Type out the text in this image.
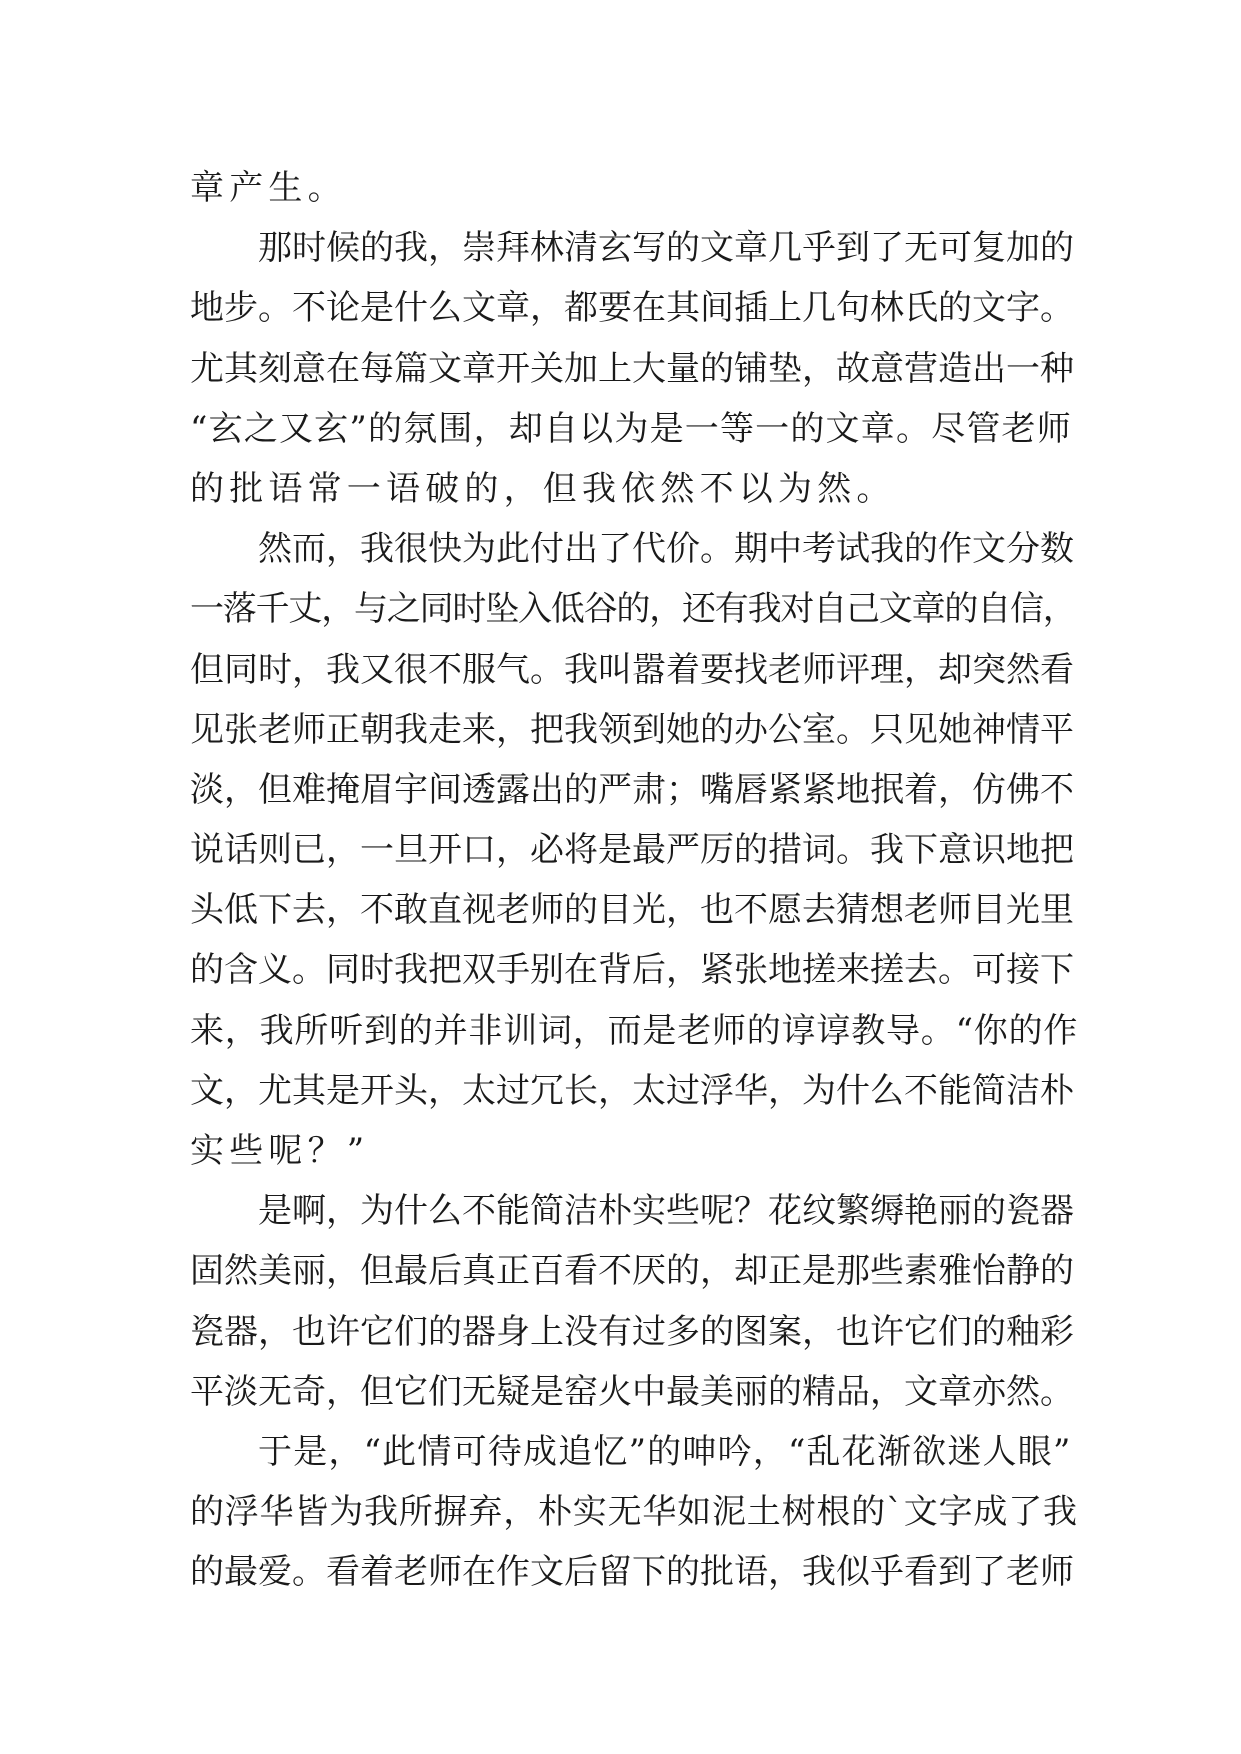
章产生。
那时候的我，崇拜林清玄写的文章几乎到了无可复加的
地步。不论是什么文章，都要在其间插上几句林氏的文字。
尤其刻意在每篇文章开关加上大量的铺垫，故意营造出一种
“玄之又玄”的氛围，却自以为是一等一的文章。尽管老师
的批语常一语破的，但我依然不以为然。
然而，我很快为此付出了代价。期中考试我的作文分数
一落千丈，与之同时坠入低谷的，还有我对自己文章的自信，
但同时，我又很不服气。我叫嚣着要找老师评理，却突然看
见张老师正朝我走来，把我领到她的办公室。只见她神情平
淡，但难掩眉宇间透露出的严肃；嘴唇紧紧地抿着，仿佛不
说话则已，一旦开口，必将是最严厉的措词。我下意识地把
头低下去，不敢直视老师的目光，也不愿去猜想老师目光里
的含义。同时我把双手别在背后，紧张地搓来搓去。可接下
来，我所听到的并非训词，而是老师的谆谆教导。“你的作
文，尤其是开头，太过冗长，太过浮华，为什么不能简洁朴
实些呢？”
是啊，为什么不能简洁朴实些呢？花纹繁缛艳丽的瓷器
固然美丽，但最后真正百看不厌的，却正是那些素雅怡静的
瓷器，也许它们的器身上没有过多的图案，也许它们的釉彩
平淡无奇，但它们无疑是窑火中最美丽的精品，文章亦然。
于是，“此情可待成追忆”的呻吟，“乱花渐欲迷人眼”
的浮华皆为我所摒弃，朴实无华如泥土树根的`文字成了我
的最爱。看着老师在作文后留下的批语，我似乎看到了老师
